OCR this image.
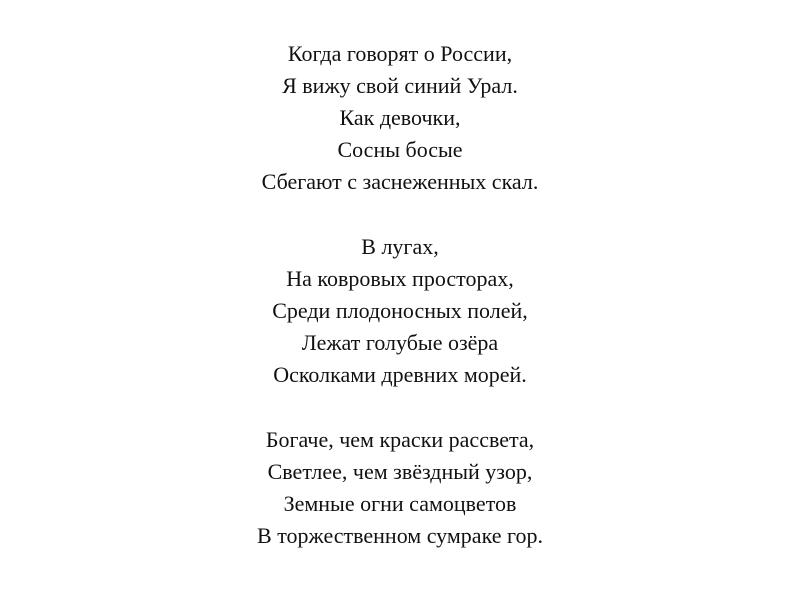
Когда говорят о России,
Я вижу свой синий Урал.
Как девочки,
Сосны босые
Сбегают с заснеженных скал.
В лугах,
На ковровых просторах,
Среди плодоносных полей,
Лежат голубые озёра
Осколками древних морей.
Богаче, чем краски рассвета,
Светлее, чем звёздный узор,
Земные огни самоцветов
В торжественном сумраке гор.
